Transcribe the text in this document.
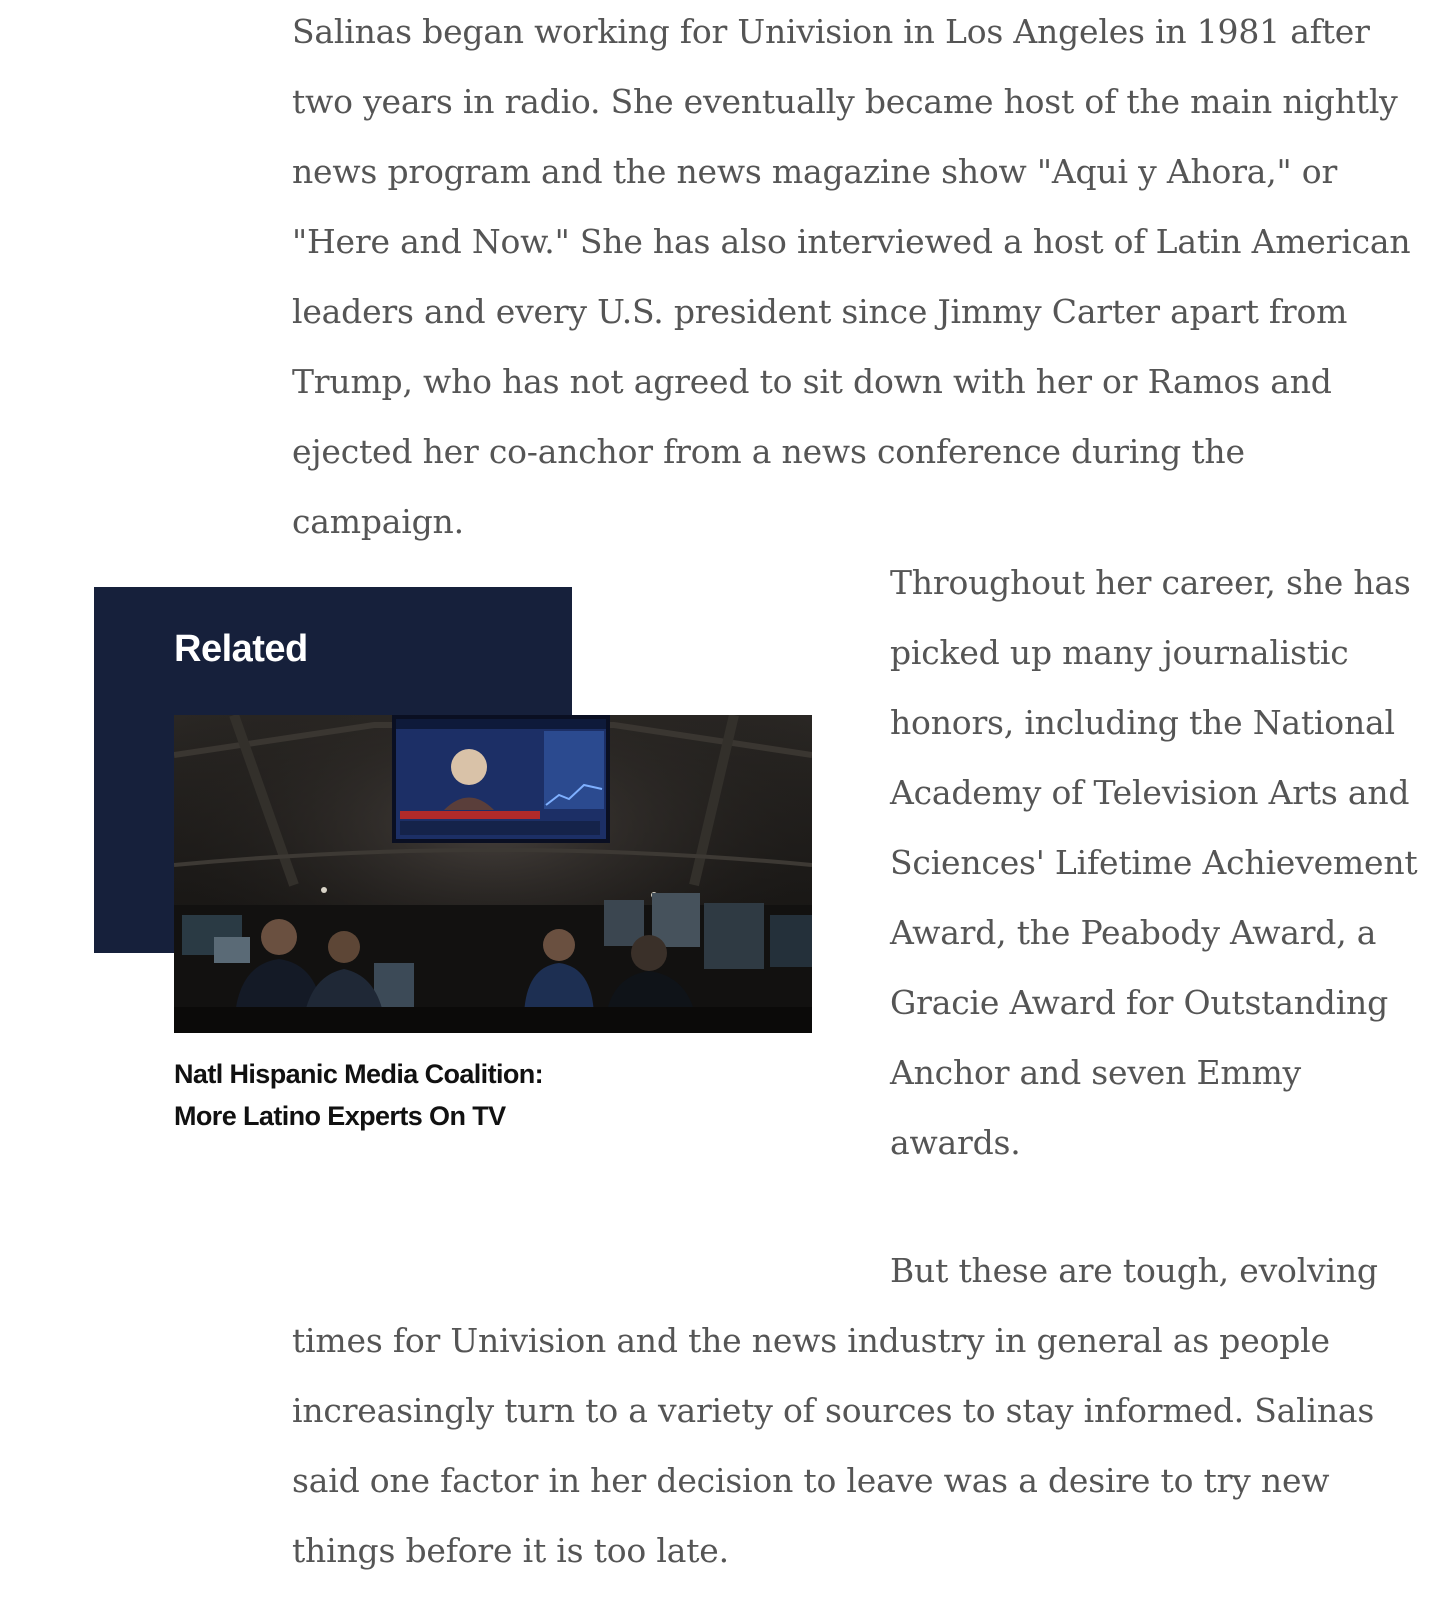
Salinas began working for Univision in Los Angeles in 1981 after two years in radio. She eventually became host of the main nightly news program and the news magazine show "Aqui y Ahora," or "Here and Now." She has also interviewed a host of Latin American leaders and every U.S. president since Jimmy Carter apart from Trump, who has not agreed to sit down with her or Ramos and ejected her co-anchor from a news conference during the campaign.

Related

Natl Hispanic Media Coalition:
More Latino Experts On TV

Throughout her career, she has picked up many journalistic honors, including the National Academy of Television Arts and Sciences' Lifetime Achievement Award, the Peabody Award, a Gracie Award for Outstanding Anchor and seven Emmy awards.

But these are tough, evolving

times for Univision and the news industry in general as people increasingly turn to a variety of sources to stay informed. Salinas said one factor in her decision to leave was a desire to try new things before it is too late.
